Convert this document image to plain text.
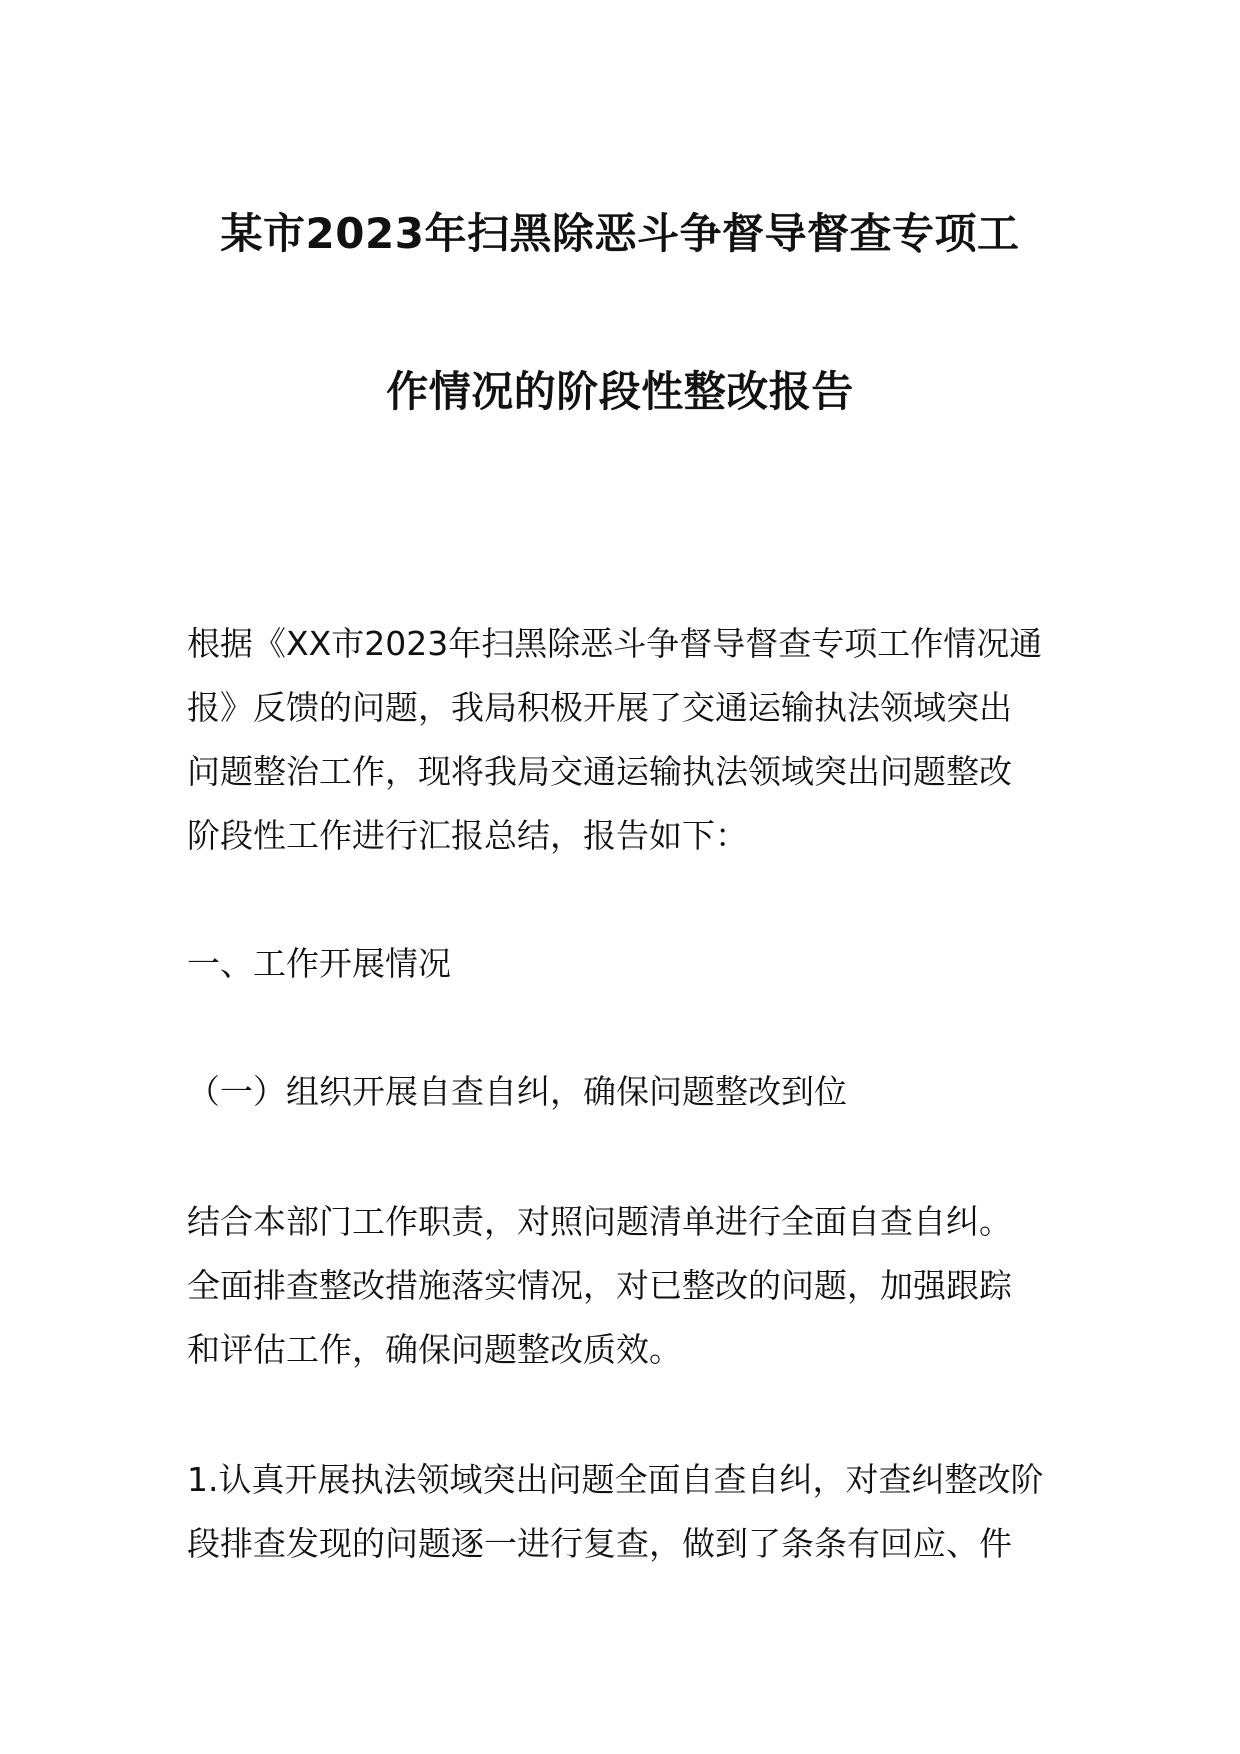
某市2023年扫黑除恶斗争督导督查专项工
作情况的阶段性整改报告
根据《XX市2023年扫黑除恶斗争督导督查专项工作情况通
报》反馈的问题，我局积极开展了交通运输执法领域突出
问题整治工作，现将我局交通运输执法领域突出问题整改
阶段性工作进行汇报总结，报告如下：
一、工作开展情况
（一）组织开展自查自纠，确保问题整改到位
结合本部门工作职责，对照问题清单进行全面自查自纠。
全面排查整改措施落实情况，对已整改的问题，加强跟踪
和评估工作，确保问题整改质效。
1.认真开展执法领域突出问题全面自查自纠，对查纠整改阶
段排查发现的问题逐一进行复查，做到了条条有回应、件
